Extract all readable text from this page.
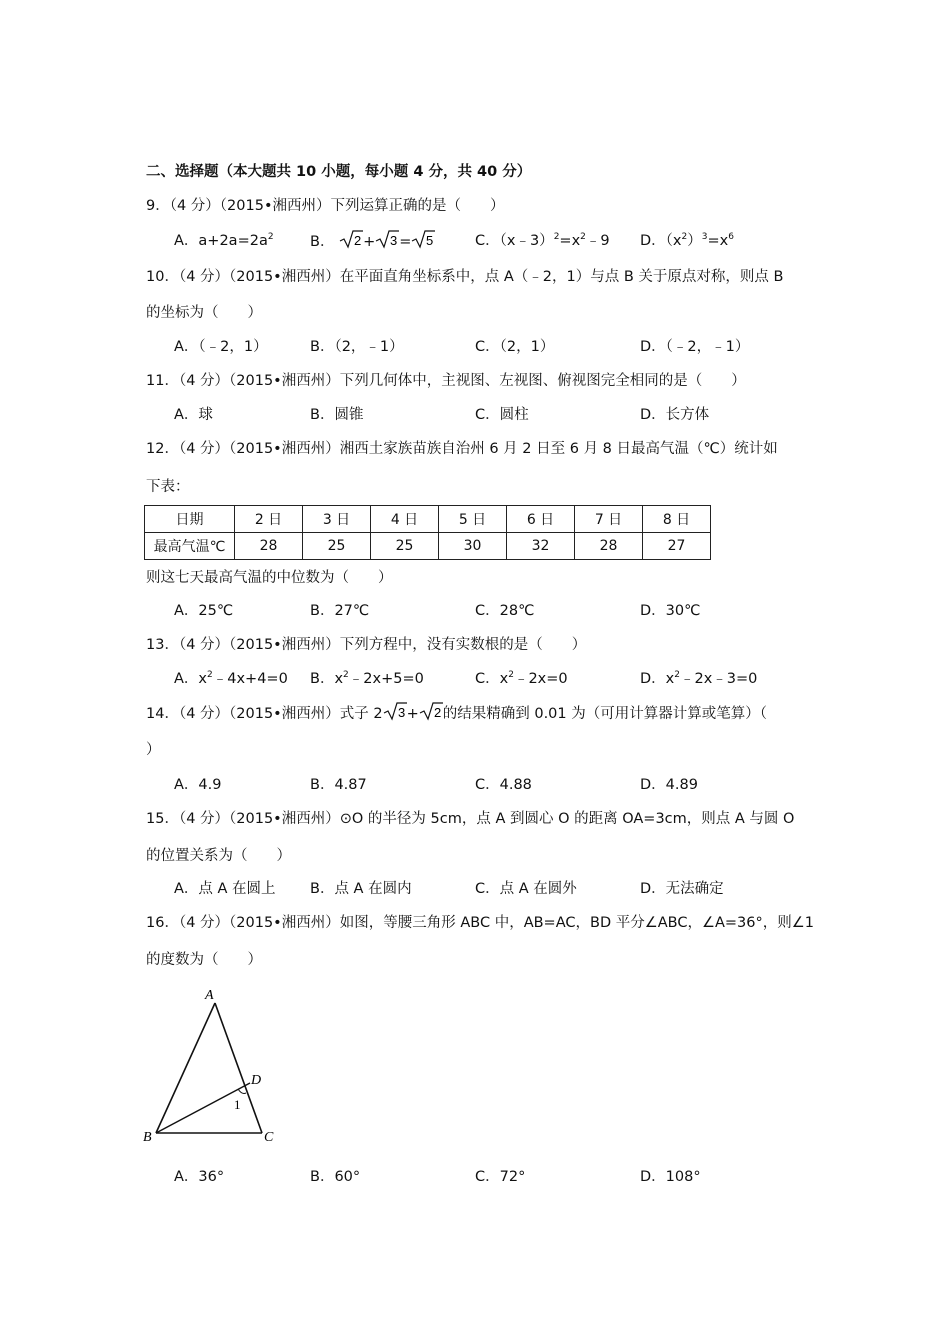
二、选择题（本大题共 10 小题，每小题 4 分，共 40 分）
9．（4 分）（2015•湘西州）下列运算正确的是（　　）
A．$a+2a=2a^2$	B． 2 + 3 = 5	C．$(x﹣3)^2=x^2﹣9$ D．$(x^2)^3=x^6$
10．（4 分）（2015•湘西州）在平面直角坐标系中，点 A（﹣2，1）与点 B 关于原点对称，则点 B
的坐标为（　　）
A．（﹣2，1）	B．（2，﹣1）	C．（2，1）	D．（﹣2，﹣1）
11．（4 分）（2015•湘西州）下列几何体中，主视图、左视图、俯视图完全相同的是（　　）
A．球	B．圆锥	C．圆柱	D．长方体
12．（4 分）（2015•湘西州）湘西土家族苗族自治州 6 月 2 日至 6 月 8 日最高气温（℃）统计如
下表：
日期	2 日	3 日	4 日	5 日	6 日	7 日	8 日
最高气温℃	28	25	25	30	32	28	27
则这七天最高气温的中位数为（　　）
A．25℃	B．27℃	C．28℃	D．30℃
13．（4 分）（2015•湘西州）下列方程中，没有实数根的是（　　）
A．$x^2﹣4x+4=0$ B．$x^2﹣2x+5=0$	C．$x^2﹣2x=0$	D．$x^2﹣2x﹣3=0$
14．（4 分）（2015•湘西州）式子 2 3 + 2 的结果精确到 0.01 为（可用计算器计算或笔算）（
）
A．4.9	B．4.87	C．4.88	D．4.89
15．（4 分）（2015•湘西州）⊙O 的半径为 5cm，点 A 到圆心 O 的距离 OA=3cm，则点 A 与圆 O
的位置关系为（　　）
A．点 A 在圆上 B．点 A 在圆内	C．点 A 在圆外	D．无法确定
16．（4 分）（2015•湘西州）如图，等腰三角形 ABC 中，AB=AC，BD 平分∠ABC，∠A=36°，则∠1
的度数为（　　）
A
B	C
D
1
A．36°	B．60°	C．72°	D．108°
